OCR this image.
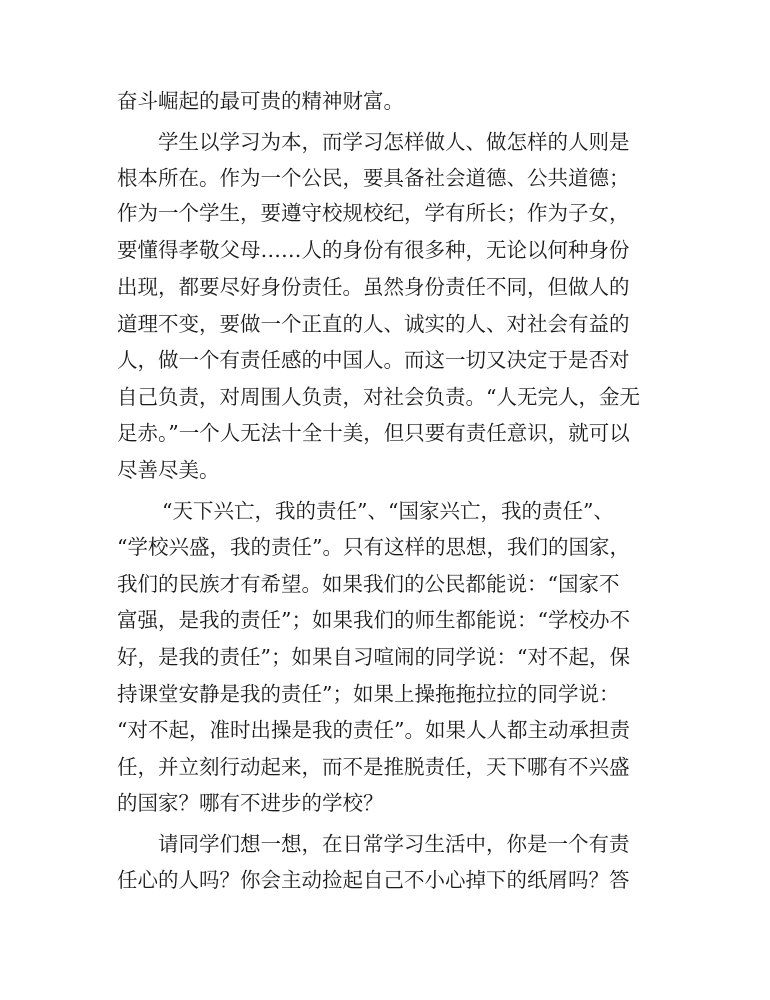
奋斗崛起的最可贵的精神财富。
学生以学习为本，而学习怎样做人、做怎样的人则是
根本所在。作为一个公民，要具备社会道德、公共道德；
作为一个学生，要遵守校规校纪，学有所长；作为子女，
要懂得孝敬父母……人的身份有很多种，无论以何种身份
出现，都要尽好身份责任。虽然身份责任不同，但做人的
道理不变，要做一个正直的人、诚实的人、对社会有益的
人，做一个有责任感的中国人。而这一切又决定于是否对
自己负责，对周围人负责，对社会负责。“人无完人，金无
足赤。”一个人无法十全十美，但只要有责任意识，就可以
尽善尽美。
“天下兴亡，我的责任”、“国家兴亡，我的责任”、
“学校兴盛，我的责任”。只有这样的思想，我们的国家，
我们的民族才有希望。如果我们的公民都能说：“国家不
富强，是我的责任”；如果我们的师生都能说：“学校办不
好，是我的责任”；如果自习喧闹的同学说：“对不起，保
持课堂安静是我的责任”；如果上操拖拖拉拉的同学说：
“对不起，准时出操是我的责任”。如果人人都主动承担责
任，并立刻行动起来，而不是推脱责任，天下哪有不兴盛
的国家？哪有不进步的学校？
请同学们想一想，在日常学习生活中，你是一个有责
任心的人吗？你会主动捡起自己不小心掉下的纸屑吗？答
